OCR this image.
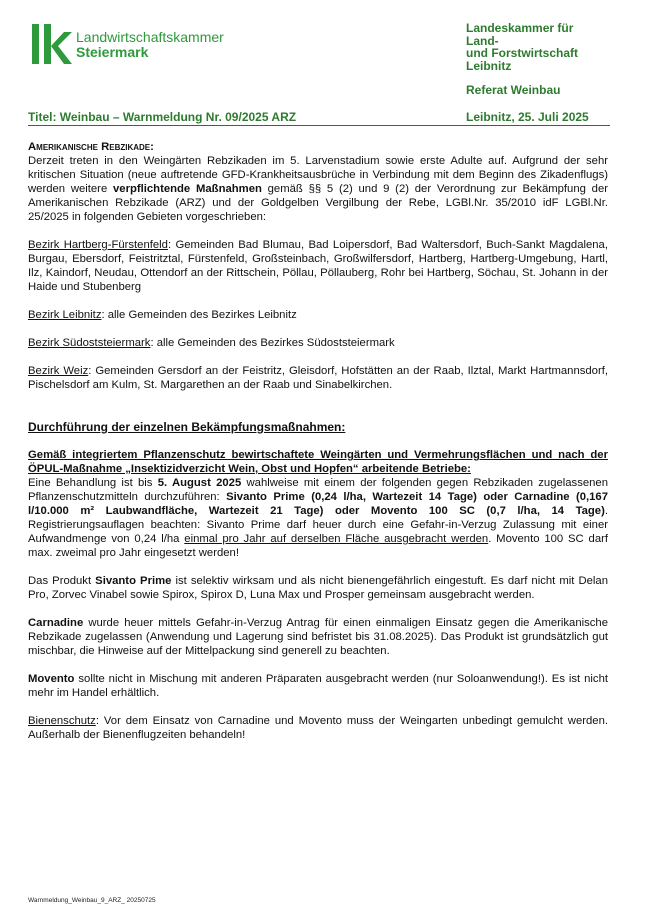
Landwirtschaftskammer
Steiermark
Landeskammer für
Land-
und Forstwirtschaft
Leibnitz
Referat Weinbau
Titel: Weinbau – Warnmeldung Nr. 09/2025 ARZ	Leibnitz, 25. Juli 2025
Amerikanische Rebzikade:

Derzeit treten in den Weingärten Rebzikaden im 5. Larvenstadium sowie erste Adulte auf. Aufgrund der sehr kritischen Situation (neue auftretende GFD-Krankheitsausbrüche in Verbindung mit dem Beginn des Zikadenflugs) werden weitere verpflichtende Maßnahmen gemäß §§ 5 (2) und 9 (2) der Verordnung zur Bekämpfung der Amerikanischen Rebzikade (ARZ) und der Goldgelben Vergilbung der Rebe, LGBl.Nr. 35/2010 idF LGBl.Nr. 25/2025 in folgenden Gebieten vorgeschrieben:

Bezirk Hartberg-Fürstenfeld: Gemeinden Bad Blumau, Bad Loipersdorf, Bad Waltersdorf, Buch-Sankt Magdalena, Burgau, Ebersdorf, Feistritztal, Fürstenfeld, Großsteinbach, Großwilfersdorf, Hartberg, Hartberg-Umgebung, Hartl, Ilz, Kaindorf, Neudau, Ottendorf an der Rittschein, Pöllau, Pöllauberg, Rohr bei Hartberg, Söchau, St. Johann in der Haide und Stubenberg

Bezirk Leibnitz: alle Gemeinden des Bezirkes Leibnitz

Bezirk Südoststeiermark: alle Gemeinden des Bezirkes Südoststeiermark

Bezirk Weiz: Gemeinden Gersdorf an der Feistritz, Gleisdorf, Hofstätten an der Raab, Ilztal, Markt Hartmannsdorf, Pischelsdorf am Kulm, St. Margarethen an der Raab und Sinabelkirchen.

Durchführung der einzelnen Bekämpfungsmaßnahmen:

Gemäß integriertem Pflanzenschutz bewirtschaftete Weingärten und Vermehrungsflächen und nach der ÖPUL-Maßnahme „Insektizidverzicht Wein, Obst und Hopfen“ arbeitende Betriebe:

Eine Behandlung ist bis 5. August 2025 wahlweise mit einem der folgenden gegen Rebzikaden zugelassenen Pflanzenschutzmitteln durchzuführen: Sivanto Prime (0,24 l/ha, Wartezeit 14 Tage) oder Carnadine (0,167 l/10.000 m² Laubwandfläche, Wartezeit 21 Tage) oder Movento 100 SC (0,7 l/ha, 14 Tage). Registrierungsauflagen beachten: Sivanto Prime darf heuer durch eine Gefahr-in-Verzug Zulassung mit einer Aufwandmenge von 0,24 l/ha einmal pro Jahr auf derselben Fläche ausgebracht werden. Movento 100 SC darf max. zweimal pro Jahr eingesetzt werden!

Das Produkt Sivanto Prime ist selektiv wirksam und als nicht bienengefährlich eingestuft. Es darf nicht mit Delan Pro, Zorvec Vinabel sowie Spirox, Spirox D, Luna Max und Prosper gemeinsam ausgebracht werden.

Carnadine wurde heuer mittels Gefahr-in-Verzug Antrag für einen einmaligen Einsatz gegen die Amerikanische Rebzikade zugelassen (Anwendung und Lagerung sind befristet bis 31.08.2025). Das Produkt ist grundsätzlich gut mischbar, die Hinweise auf der Mittelpackung sind generell zu beachten.

Movento sollte nicht in Mischung mit anderen Präparaten ausgebracht werden (nur Soloanwendung!). Es ist nicht mehr im Handel erhältlich.

Bienenschutz: Vor dem Einsatz von Carnadine und Movento muss der Weingarten unbedingt gemulcht werden. Außerhalb der Bienenflugzeiten behandeln!

Warnmeldung_Weinbau_9_ARZ_ 20250725
